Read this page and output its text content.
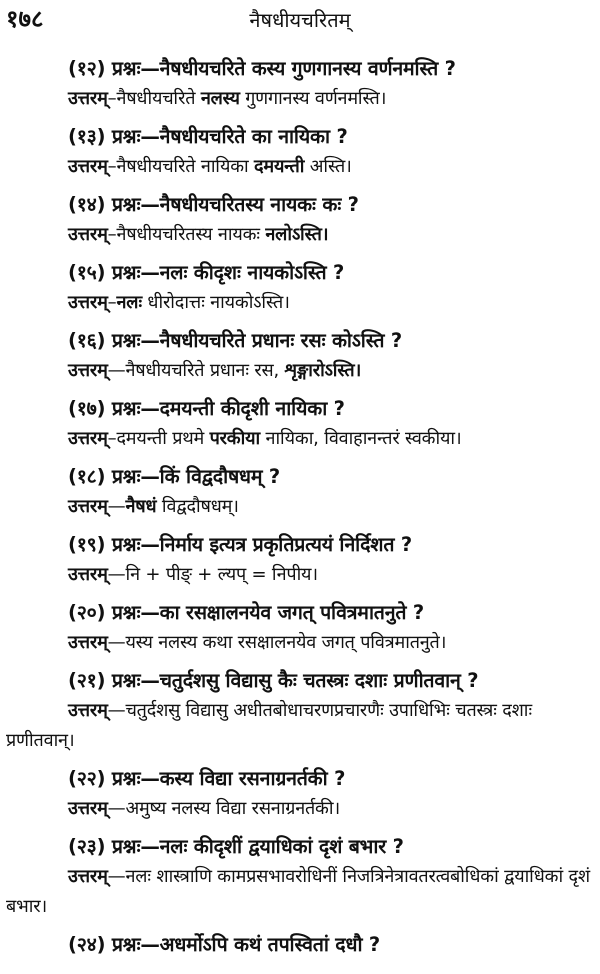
१७८	नैषधीयचरितम्
(१२) प्रश्नः—नैषधीयचरिते कस्य गुणगानस्य वर्णनमस्ति ?
उत्तरम्–नैषधीयचरिते नलस्य गुणगानस्य वर्णनमस्ति।
(१३) प्रश्नः—नैषधीयचरिते का नायिका ?
उत्तरम्–नैषधीयचरिते नायिका दमयन्ती अस्ति।
(१४) प्रश्नः—नैषधीयचरितस्य नायकः कः ?
उत्तरम्–नैषधीयचरितस्य नायकः नलोऽस्ति।
(१५) प्रश्नः—नलः कीदृशः नायकोऽस्ति ?
उत्तरम्–नलः धीरोदात्तः नायकोऽस्ति।
(१६) प्रश्नः—नैषधीयचरिते प्रधानः रसः कोऽस्ति ?
उत्तरम्—नैषधीयचरिते प्रधानः रस, शृङ्गारोऽस्ति।
(१७) प्रश्नः—दमयन्ती कीदृशी नायिका ?
उत्तरम्–दमयन्ती प्रथमे परकीया नायिका, विवाहानन्तरं स्वकीया।
(१८) प्रश्नः—किं विद्वदौषधम् ?
उत्तरम्—नैषधं विद्वदौषधम्।
(१९) प्रश्नः—निर्माय इत्यत्र प्रकृतिप्रत्ययं निर्दिशत ?
उत्तरम्—नि + पीङ् + ल्यप् = निपीय।
(२०) प्रश्नः—का रसक्षालनयेव जगत् पवित्रमातनुते ?
उत्तरम्—यस्य नलस्य कथा रसक्षालनयेव जगत् पवित्रमातनुते।
(२१) प्रश्नः—चतुर्दशसु विद्यासु कैः चतस्त्रः दशाः प्रणीतवान् ?
उत्तरम्—चतुर्दशसु विद्यासु अधीतबोधाचरणप्रचारणैः उपाधिभिः चतस्त्रः दशाः प्रणीतवान्।
(२२) प्रश्नः—कस्य विद्या रसनाग्रनर्तकी ?
उत्तरम्—अमुष्य नलस्य विद्या रसनाग्रनर्तकी।
(२३) प्रश्नः—नलः कीदृशीं द्वयाधिकां दृशं बभार ?
उत्तरम्—नलः शास्त्राणि कामप्रसभावरोधिनीं निजत्रिनेत्रावतरत्वबोधिकां द्वयाधिकां दृशं बभार।
(२४) प्रश्नः—अधर्मोऽपि कथं तपस्वितां दधौ ?
